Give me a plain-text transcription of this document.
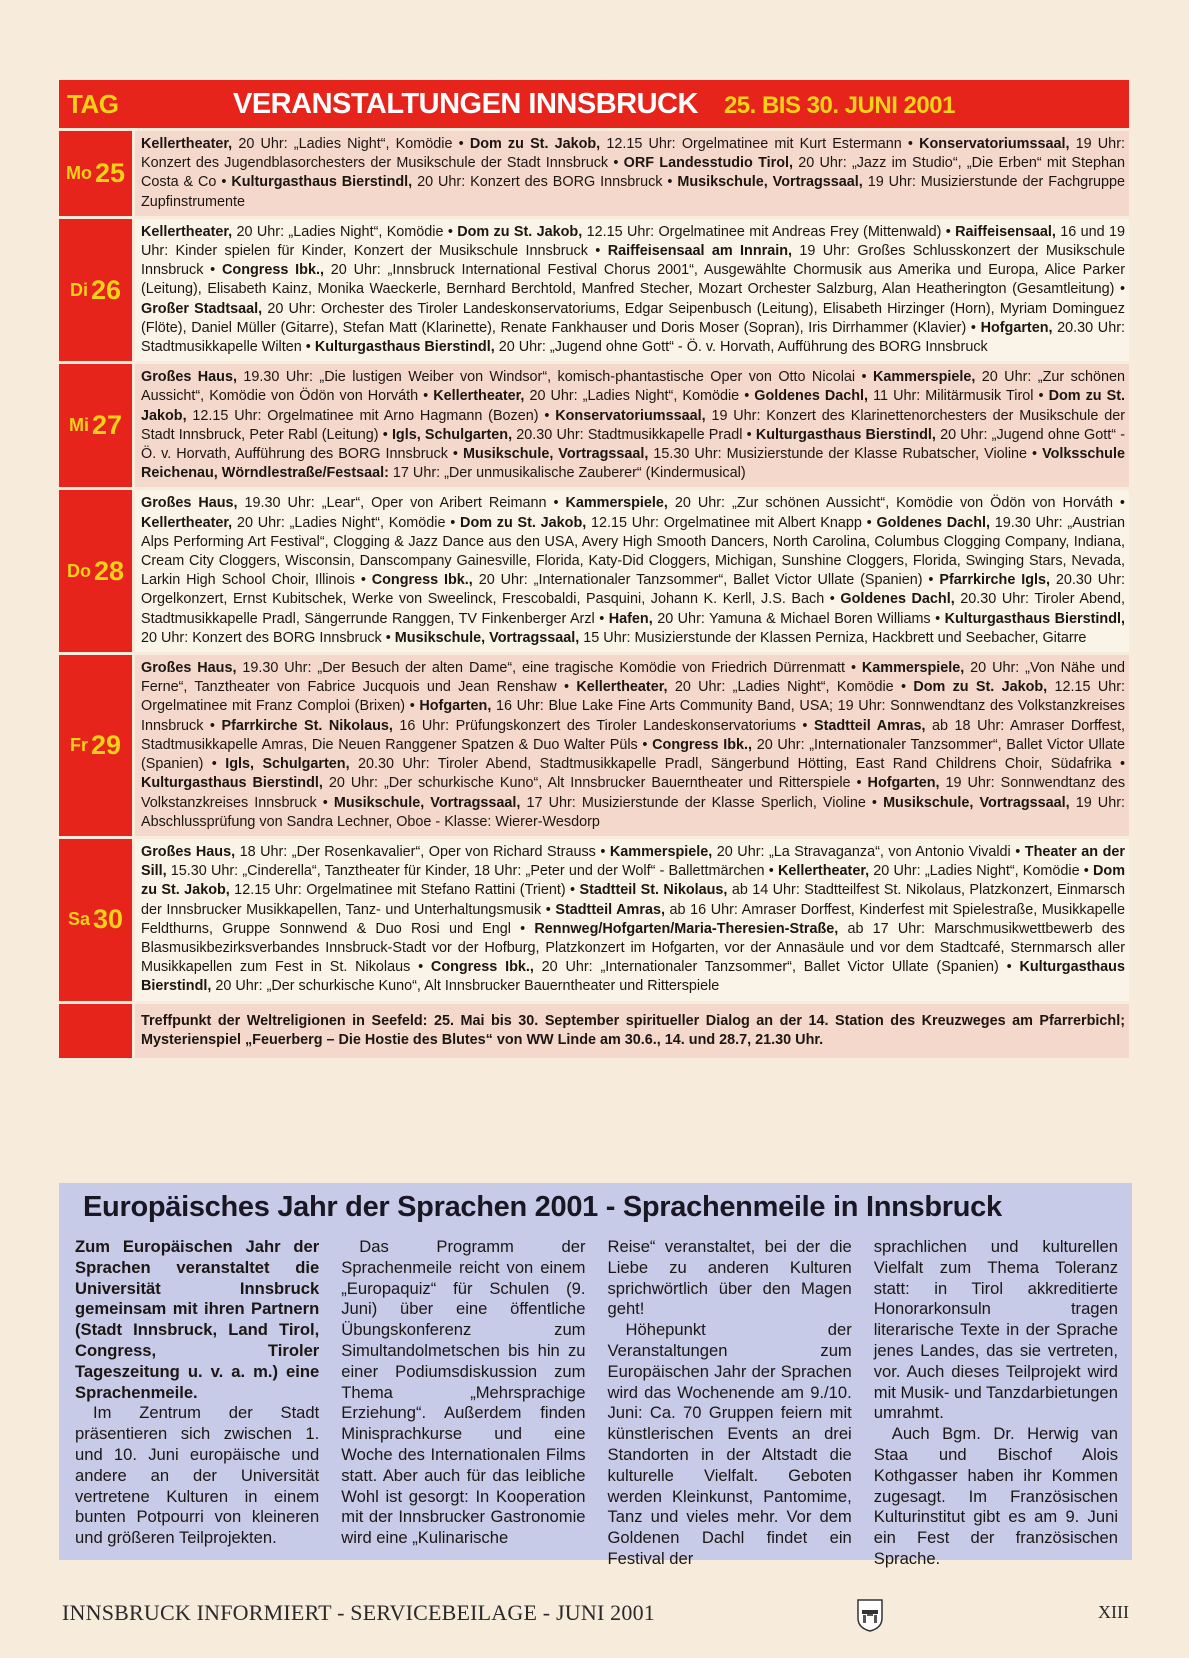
TAG	VERANSTALTUNGEN INNSBRUCK 25. BIS 30. JUNI 2001
Mo 25
Kellertheater, 20 Uhr: „Ladies Night“, Komödie • Dom zu St. Jakob, 12.15 Uhr: Orgelmatinee mit Kurt Estermann • Konservatoriumssaal, 19 Uhr: Konzert des Jugendblasorchesters der Musikschule der Stadt Innsbruck • ORF Landesstudio Tirol, 20 Uhr: „Jazz im Studio“, „Die Erben“ mit Stephan Costa & Co • Kulturgasthaus Bierstindl, 20 Uhr: Konzert des BORG Innsbruck • Musikschule, Vortragssaal, 19 Uhr: Musizierstunde der Fachgruppe Zupfinstrumente
Di 26
Kellertheater, 20 Uhr: „Ladies Night“, Komödie • Dom zu St. Jakob, 12.15 Uhr: Orgelmatinee mit Andreas Frey (Mittenwald) • Raiffeisensaal, 16 und 19 Uhr: Kinder spielen für Kinder, Konzert der Musikschule Innsbruck • Raiffeisensaal am Innrain, 19 Uhr: Großes Schlusskonzert der Musikschule Innsbruck • Congress Ibk., 20 Uhr: „Innsbruck International Festival Chorus 2001“, Ausgewählte Chormusik aus Amerika und Europa, Alice Parker (Leitung), Elisabeth Kainz, Monika Waeckerle, Bernhard Berchtold, Manfred Stecher, Mozart Orchester Salzburg, Alan Heatherington (Gesamtleitung) • Großer Stadtsaal, 20 Uhr: Orchester des Tiroler Landeskonservatoriums, Edgar Seipenbusch (Leitung), Elisabeth Hirzinger (Horn), Myriam Dominguez (Flöte), Daniel Müller (Gitarre), Stefan Matt (Klarinette), Renate Fankhauser und Doris Moser (Sopran), Iris Dirrhammer (Klavier) • Hofgarten, 20.30 Uhr: Stadtmusikkapelle Wilten • Kulturgasthaus Bierstindl, 20 Uhr: „Jugend ohne Gott“ - Ö. v. Horvath, Aufführung des BORG Innsbruck
Mi 27
Großes Haus, 19.30 Uhr: „Die lustigen Weiber von Windsor“, komisch-phantastische Oper von Otto Nicolai • Kammerspiele, 20 Uhr: „Zur schönen Aussicht“, Komödie von Ödön von Horváth • Kellertheater, 20 Uhr: „Ladies Night“, Komödie • Goldenes Dachl, 11 Uhr: Militärmusik Tirol • Dom zu St. Jakob, 12.15 Uhr: Orgelmatinee mit Arno Hagmann (Bozen) • Konservatoriumssaal, 19 Uhr: Konzert des Klarinettenorchesters der Musikschule der Stadt Innsbruck, Peter Rabl (Leitung) • Igls, Schulgarten, 20.30 Uhr: Stadtmusikkapelle Pradl • Kulturgasthaus Bierstindl, 20 Uhr: „Jugend ohne Gott“ - Ö. v. Horvath, Aufführung des BORG Innsbruck • Musikschule, Vortragssaal, 15.30 Uhr: Musizierstunde der Klasse Rubatscher, Violine • Volksschule Reichenau, Wörndlestraße/Festsaal: 17 Uhr: „Der unmusikalische Zauberer“ (Kindermusical)
Do 28
Großes Haus, 19.30 Uhr: „Lear“, Oper von Aribert Reimann • Kammerspiele, 20 Uhr: „Zur schönen Aussicht“, Komödie von Ödön von Horváth • Kellertheater, 20 Uhr: „Ladies Night“, Komödie • Dom zu St. Jakob, 12.15 Uhr: Orgelmatinee mit Albert Knapp • Goldenes Dachl, 19.30 Uhr: „Austrian Alps Performing Art Festival“, Clogging & Jazz Dance aus den USA, Avery High Smooth Dancers, North Carolina, Columbus Clogging Company, Indiana, Cream City Cloggers, Wisconsin, Danscompany Gainesville, Florida, Katy-Did Cloggers, Michigan, Sunshine Cloggers, Florida, Swinging Stars, Nevada, Larkin High School Choir, Illinois • Congress Ibk., 20 Uhr: „Internationaler Tanzsommer“, Ballet Victor Ullate (Spanien) • Pfarrkirche Igls, 20.30 Uhr: Orgelkonzert, Ernst Kubitschek, Werke von Sweelinck, Frescobaldi, Pasquini, Johann K. Kerll, J.S. Bach • Goldenes Dachl, 20.30 Uhr: Tiroler Abend, Stadtmusikkapelle Pradl, Sängerrunde Ranggen, TV Finkenberger Arzl • Hafen, 20 Uhr: Yamuna & Michael Boren Williams • Kulturgasthaus Bierstindl, 20 Uhr: Konzert des BORG Innsbruck • Musikschule, Vortragssaal, 15 Uhr: Musizierstunde der Klassen Perniza, Hackbrett und Seebacher, Gitarre
Fr 29
Großes Haus, 19.30 Uhr: „Der Besuch der alten Dame“, eine tragische Komödie von Friedrich Dürrenmatt • Kammerspiele, 20 Uhr: „Von Nähe und Ferne“, Tanztheater von Fabrice Jucquois und Jean Renshaw • Kellertheater, 20 Uhr: „Ladies Night“, Komödie • Dom zu St. Jakob, 12.15 Uhr: Orgelmatinee mit Franz Comploi (Brixen) • Hofgarten, 16 Uhr: Blue Lake Fine Arts Community Band, USA; 19 Uhr: Sonnwendtanz des Volkstanzkreises Innsbruck • Pfarrkirche St. Nikolaus, 16 Uhr: Prüfungskonzert des Tiroler Landeskonservatoriums • Stadtteil Amras, ab 18 Uhr: Amraser Dorffest, Stadtmusikkapelle Amras, Die Neuen Ranggener Spatzen & Duo Walter Püls • Congress Ibk., 20 Uhr: „Internationaler Tanzsommer“, Ballet Victor Ullate (Spanien) • Igls, Schulgarten, 20.30 Uhr: Tiroler Abend, Stadtmusikkapelle Pradl, Sängerbund Hötting, East Rand Childrens Choir, Südafrika • Kulturgasthaus Bierstindl, 20 Uhr: „Der schurkische Kuno“, Alt Innsbrucker Bauerntheater und Ritterspiele • Hofgarten, 19 Uhr: Sonnwendtanz des Volkstanzkreises Innsbruck • Musikschule, Vortragssaal, 17 Uhr: Musizierstunde der Klasse Sperlich, Violine • Musikschule, Vortragssaal, 19 Uhr: Abschlussprüfung von Sandra Lechner, Oboe - Klasse: Wierer-Wesdorp
Sa 30
Großes Haus, 18 Uhr: „Der Rosenkavalier“, Oper von Richard Strauss • Kammerspiele, 20 Uhr: „La Stravaganza“, von Antonio Vivaldi • Theater an der Sill, 15.30 Uhr: „Cinderella“, Tanztheater für Kinder, 18 Uhr: „Peter und der Wolf“ - Ballettmärchen • Kellertheater, 20 Uhr: „Ladies Night“, Komödie • Dom zu St. Jakob, 12.15 Uhr: Orgelmatinee mit Stefano Rattini (Trient) • Stadtteil St. Nikolaus, ab 14 Uhr: Stadtteilfest St. Nikolaus, Platzkonzert, Einmarsch der Innsbrucker Musikkapellen, Tanz- und Unterhaltungsmusik • Stadtteil Amras, ab 16 Uhr: Amraser Dorffest, Kinderfest mit Spielestraße, Musikkapelle Feldthurns, Gruppe Sonnwend & Duo Rosi und Engl • Rennweg/Hofgarten/Maria-Theresien-Straße, ab 17 Uhr: Marschmusikwettbewerb des Blasmusikbezirksverbandes Innsbruck-Stadt vor der Hofburg, Platzkonzert im Hofgarten, vor der Annasäule und vor dem Stadtcafé, Sternmarsch aller Musikkapellen zum Fest in St. Nikolaus • Congress Ibk., 20 Uhr: „Internationaler Tanzsommer“, Ballet Victor Ullate (Spanien) • Kulturgasthaus Bierstindl, 20 Uhr: „Der schurkische Kuno“, Alt Innsbrucker Bauerntheater und Ritterspiele
Treffpunkt der Weltreligionen in Seefeld: 25. Mai bis 30. September spiritueller Dialog an der 14. Station des Kreuzweges am Pfarrerbichl; Mysterienspiel „Feuerberg – Die Hostie des Blutes“ von WW Linde am 30.6., 14. und 28.7, 21.30 Uhr.
Europäisches Jahr der Sprachen 2001 - Sprachenmeile in Innsbruck

Zum Europäischen Jahr der Sprachen veranstaltet die Universität Innsbruck gemeinsam mit ihren Partnern (Stadt Innsbruck, Land Tirol, Congress, Tiroler Tageszeitung u. v. a. m.) eine Sprachenmeile.

Im Zentrum der Stadt präsentieren sich zwischen 1. und 10. Juni europäische und andere an der Universität vertretene Kulturen in einem bunten Potpourri von kleineren und größeren Teilprojekten.

Das Programm der Sprachenmeile reicht von einem „Europaquiz“ für Schulen (9. Juni) über eine öffentliche Übungskonferenz zum Simultandolmetschen bis hin zu einer Podiumsdiskussion zum Thema „Mehrsprachige Erziehung“. Außerdem finden Minisprachkurse und eine Woche des Internationalen Films statt. Aber auch für das leibliche Wohl ist gesorgt: In Kooperation mit der Innsbrucker Gastronomie wird eine „Kulinarische

Reise“ veranstaltet, bei der die Liebe zu anderen Kulturen sprichwörtlich über den Magen geht!

Höhepunkt der Veranstaltungen zum Europäischen Jahr der Sprachen wird das Wochenende am 9./10. Juni: Ca. 70 Gruppen feiern mit künstlerischen Events an drei Standorten in der Altstadt die kulturelle Vielfalt. Geboten werden Kleinkunst, Pantomime, Tanz und vieles mehr. Vor dem Goldenen Dachl findet ein Festival der

sprachlichen und kulturellen Vielfalt zum Thema Toleranz statt: in Tirol akkreditierte Honorarkonsuln tragen literarische Texte in der Sprache jenes Landes, das sie vertreten, vor. Auch dieses Teilprojekt wird mit Musik- und Tanzdarbietungen umrahmt.

Auch Bgm. Dr. Herwig van Staa und Bischof Alois Kothgasser haben ihr Kommen zugesagt. Im Französischen Kulturinstitut gibt es am 9. Juni ein Fest der französischen Sprache.

INNSBRUCK INFORMIERT - SERVICEBEILAGE - JUNI 2001	XIII
